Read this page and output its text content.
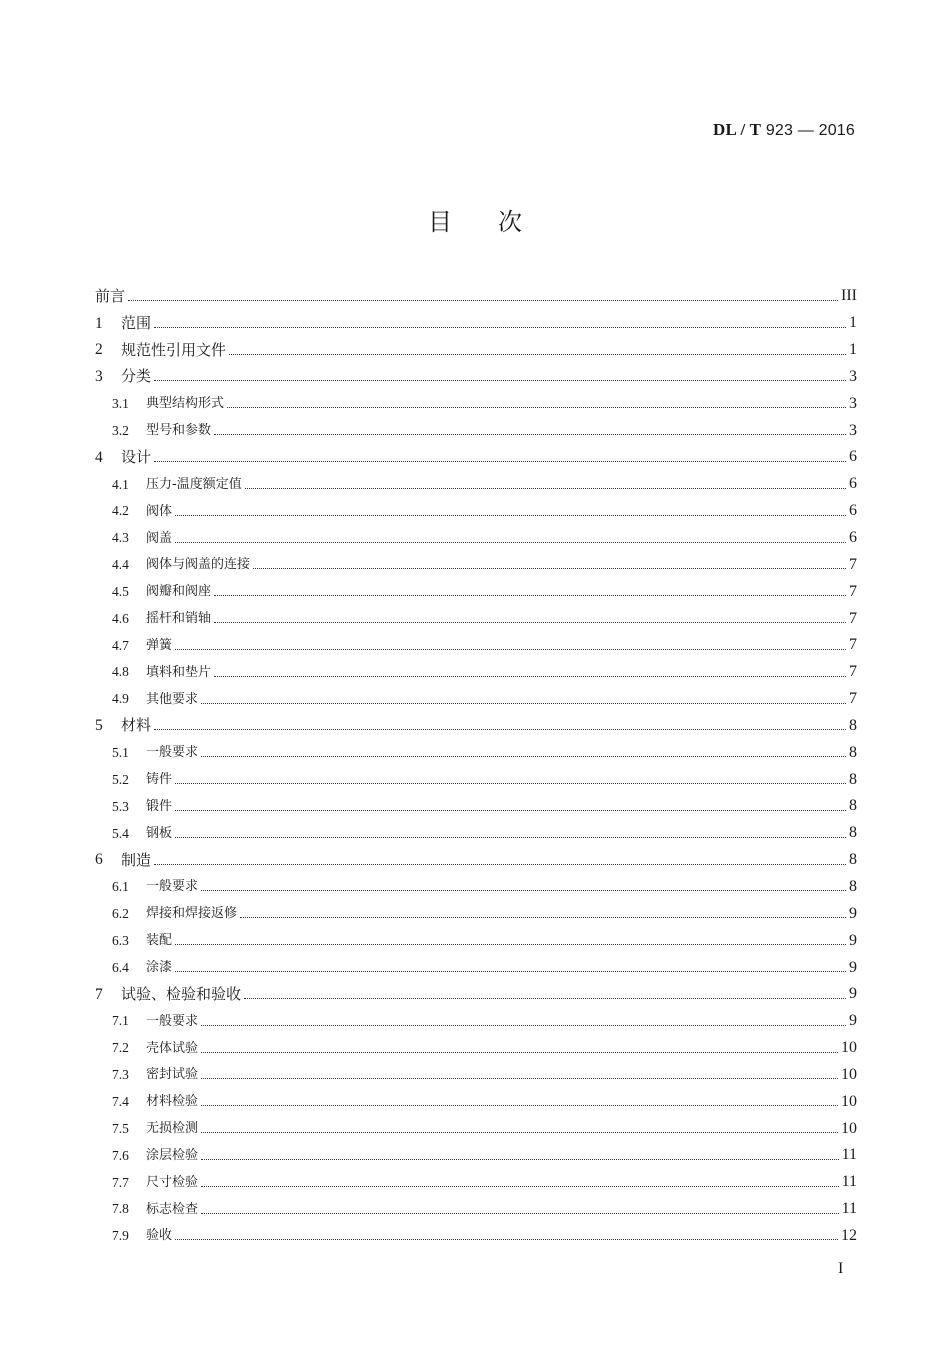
DL / T 923 — 2016
目 次
前言	III
1	范围	1
2	规范性引用文件	1
3	分类	3
3.1	典型结构形式	3
3.2	型号和参数	3
4	设计	6
4.1	压力-温度额定值	6
4.2	阀体	6
4.3	阀盖	6
4.4	阀体与阀盖的连接	7
4.5	阀瓣和阀座	7
4.6	摇杆和销轴	7
4.7	弹簧	7
4.8	填料和垫片	7
4.9	其他要求	7
5	材料	8
5.1	一般要求	8
5.2	铸件	8
5.3	锻件	8
5.4	钢板	8
6	制造	8
6.1	一般要求	8
6.2	焊接和焊接返修	9
6.3	装配	9
6.4	涂漆	9
7	试验、检验和验收	9
7.1	一般要求	9
7.2	壳体试验	10
7.3	密封试验	10
7.4	材料检验	10
7.5	无损检测	10
7.6	涂层检验	11
7.7	尺寸检验	11
7.8	标志检查	11
7.9	验收	12
I
